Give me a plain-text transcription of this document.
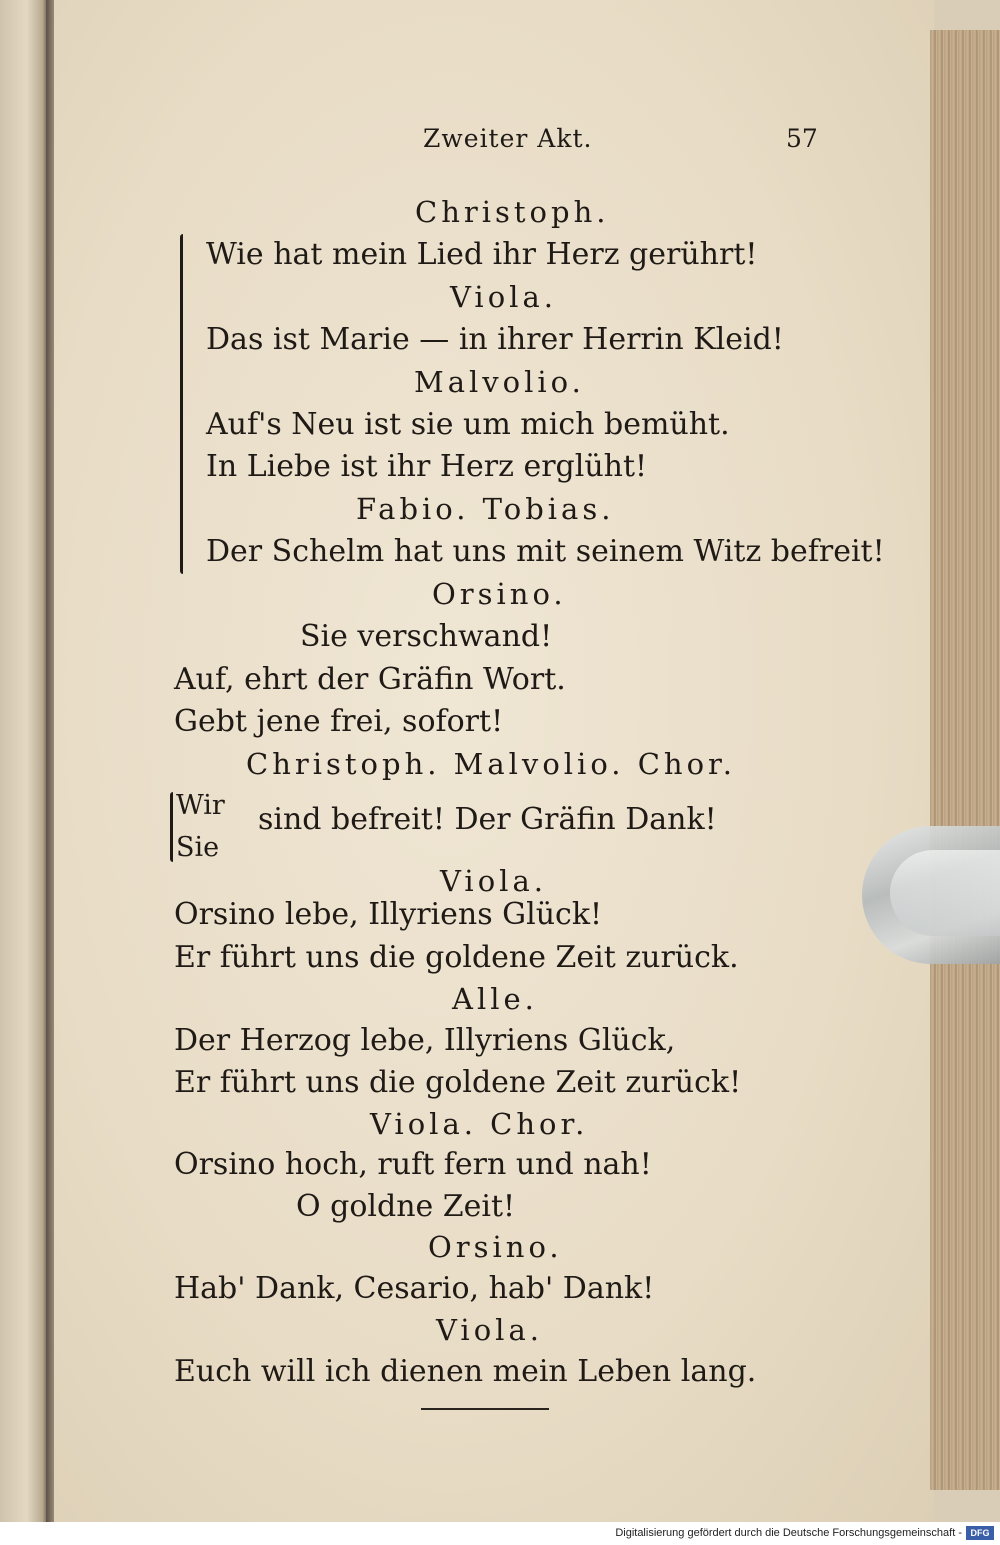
Zweiter Akt.	57
Christoph.
Wie hat mein Lied ihr Herz gerührt!
Viola.
Das ist Marie — in ihrer Herrin Kleid!
Malvolio.
Auf's Neu ist sie um mich bemüht.
In Liebe ist ihr Herz erglüht!
Fabio. Tobias.
Der Schelm hat uns mit seinem Witz befreit!
Orsino.
Sie verschwand!
Auf, ehrt der Gräfin Wort.
Gebt jene frei, sofort!
Christoph. Malvolio. Chor.
Wir
Sie
sind befreit! Der Gräfin Dank!
Viola.
Orsino lebe, Illyriens Glück!
Er führt uns die goldene Zeit zurück.
Alle.
Der Herzog lebe, Illyriens Glück,
Er führt uns die goldene Zeit zurück!
Viola. Chor.
Orsino hoch, ruft fern und nah!
O goldne Zeit!
Orsino.
Hab' Dank, Cesario, hab' Dank!
Viola.
Euch will ich dienen mein Leben lang.
Digitalisierung gefördert durch die Deutsche Forschungsgemeinschaft - DFG
